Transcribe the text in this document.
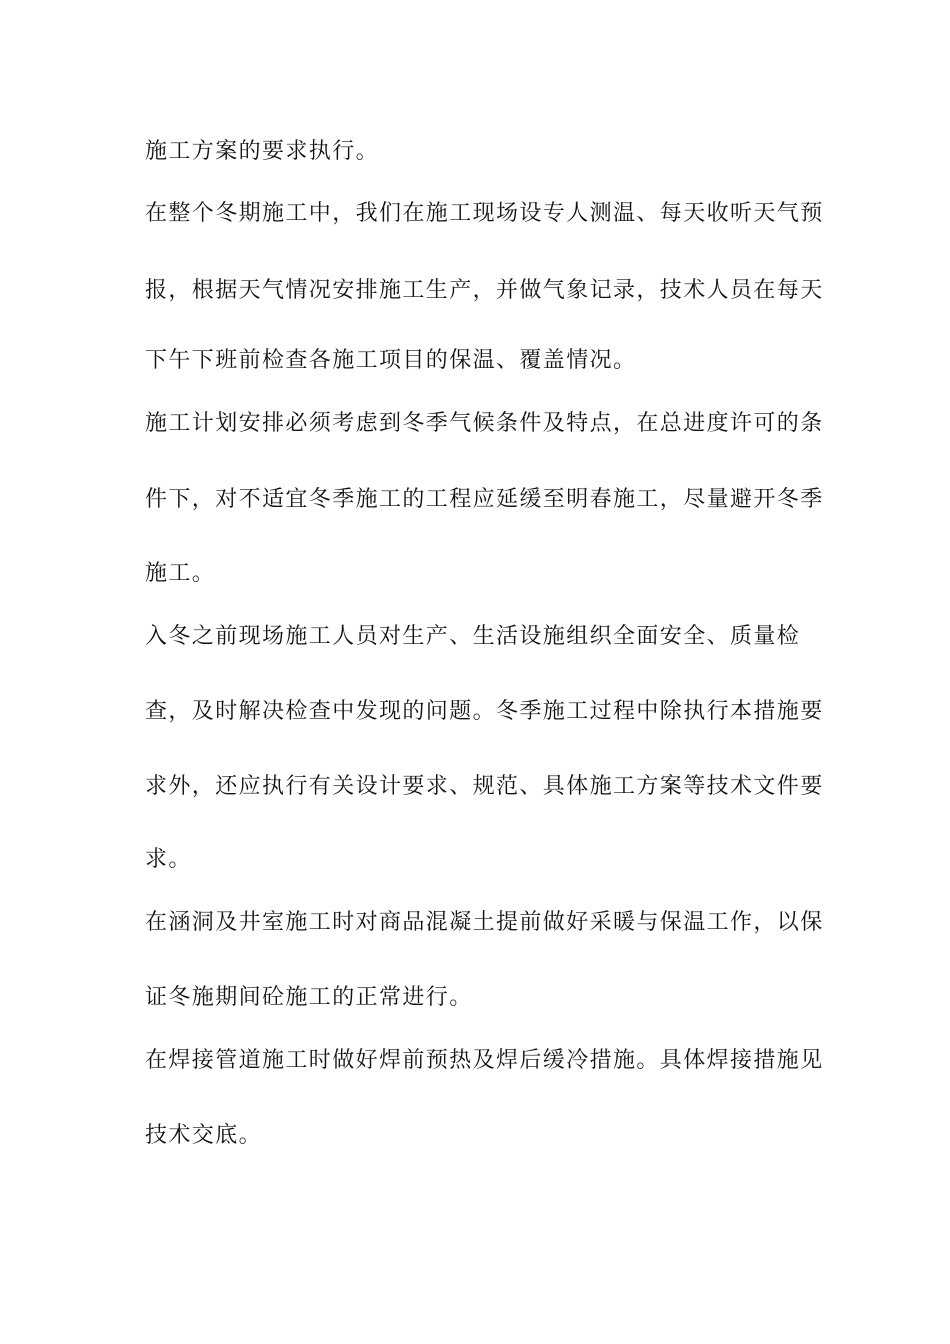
施工方案的要求执行。
在整个冬期施工中，我们在施工现场设专人测温、每天收听天气预
报，根据天气情况安排施工生产，并做气象记录，技术人员在每天
下午下班前检查各施工项目的保温、覆盖情况。
施工计划安排必须考虑到冬季气候条件及特点，在总进度许可的条
件下，对不适宜冬季施工的工程应延缓至明春施工，尽量避开冬季
施工。
入冬之前现场施工人员对生产、生活设施组织全面安全、质量检
查，及时解决检查中发现的问题。冬季施工过程中除执行本措施要
求外，还应执行有关设计要求、规范、具体施工方案等技术文件要
求。
在涵洞及井室施工时对商品混凝土提前做好采暖与保温工作，以保
证冬施期间砼施工的正常进行。
在焊接管道施工时做好焊前预热及焊后缓冷措施。具体焊接措施见
技术交底。
